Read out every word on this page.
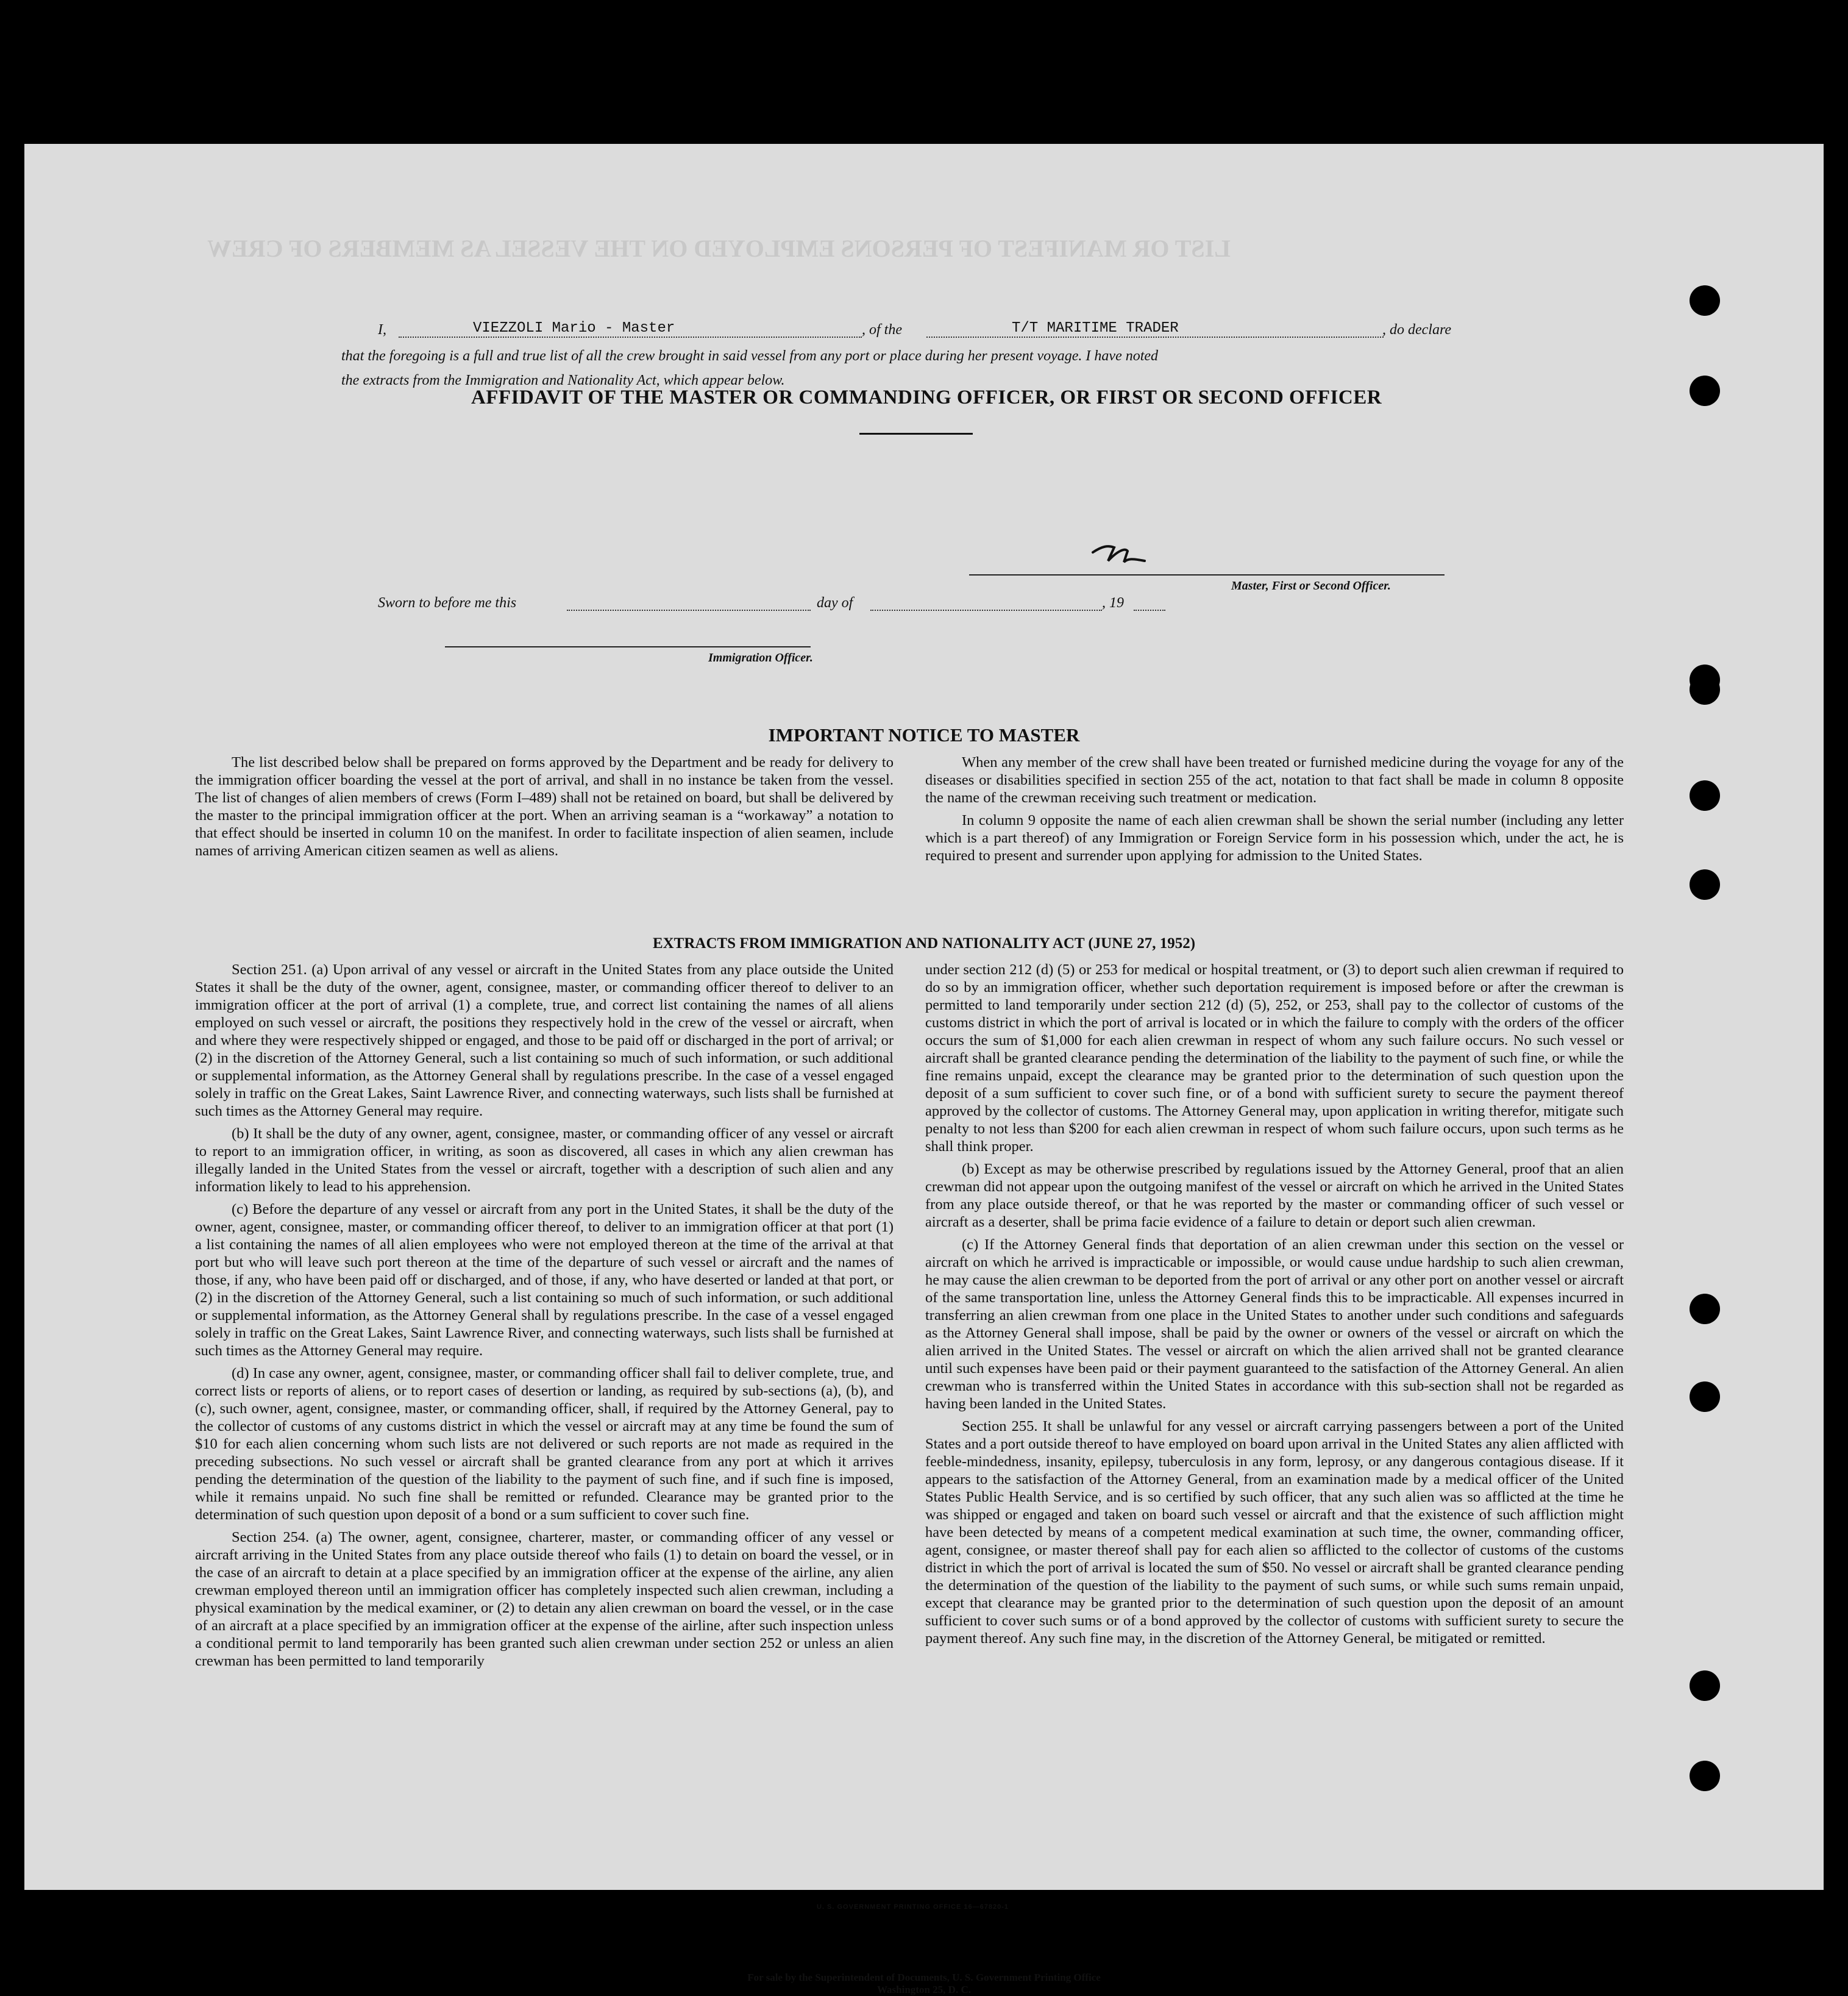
LIST OR MANIFEST OF PERSONS EMPLOYED ON THE VESSEL AS MEMBERS OF CREW
AFFIDAVIT OF THE MASTER OR COMMANDING OFFICER, OR FIRST OR SECOND OFFICER
I,	VIEZZOLI Mario - Master	, of the	T/T MARITIME TRADER	, do declare
that the foregoing is a full and true list of all the crew brought in said vessel from any port or place during her present voyage. I have noted
the extracts from the Immigration and Nationality Act, which appear below.
Master, First or Second Officer.
Sworn to before me this	day of	, 19
Immigration Officer.
IMPORTANT NOTICE TO MASTER

The list described below shall be prepared on forms approved by the Department and be ready for delivery to the immigration officer boarding the vessel at the port of arrival, and shall in no instance be taken from the vessel. The list of changes of alien members of crews (Form I–489) shall not be retained on board, but shall be delivered by the master to the principal immigration officer at the port. When an arriving seaman is a “workaway” a notation to that effect should be inserted in column 10 on the manifest. In order to facilitate inspection of alien seamen, include names of arriving American citizen seamen as well as aliens.

When any member of the crew shall have been treated or furnished medicine during the voyage for any of the diseases or disabilities specified in section 255 of the act, notation to that fact shall be made in column 8 opposite the name of the crewman receiving such treatment or medication.

In column 9 opposite the name of each alien crewman shall be shown the serial number (including any letter which is a part thereof) of any Immigration or Foreign Service form in his possession which, under the act, he is required to present and surrender upon applying for admission to the United States.

EXTRACTS FROM IMMIGRATION AND NATIONALITY ACT (JUNE 27, 1952)

Section 251. (a) Upon arrival of any vessel or aircraft in the United States from any place outside the United States it shall be the duty of the owner, agent, consignee, master, or commanding officer thereof to deliver to an immigration officer at the port of arrival (1) a complete, true, and correct list containing the names of all aliens employed on such vessel or aircraft, the positions they respectively hold in the crew of the vessel or aircraft, when and where they were respectively shipped or engaged, and those to be paid off or discharged in the port of arrival; or (2) in the discretion of the Attorney General, such a list containing so much of such information, or such additional or supplemental information, as the Attorney General shall by regulations prescribe. In the case of a vessel engaged solely in traffic on the Great Lakes, Saint Lawrence River, and connecting waterways, such lists shall be furnished at such times as the Attorney General may require.

(b) It shall be the duty of any owner, agent, consignee, master, or commanding officer of any vessel or aircraft to report to an immigration officer, in writing, as soon as discovered, all cases in which any alien crewman has illegally landed in the United States from the vessel or aircraft, together with a description of such alien and any information likely to lead to his apprehension.

(c) Before the departure of any vessel or aircraft from any port in the United States, it shall be the duty of the owner, agent, consignee, master, or commanding officer thereof, to deliver to an immigration officer at that port (1) a list containing the names of all alien employees who were not employed thereon at the time of the arrival at that port but who will leave such port thereon at the time of the departure of such vessel or aircraft and the names of those, if any, who have been paid off or discharged, and of those, if any, who have deserted or landed at that port, or (2) in the discretion of the Attorney General, such a list containing so much of such information, or such additional or supplemental information, as the Attorney General shall by regulations prescribe. In the case of a vessel engaged solely in traffic on the Great Lakes, Saint Lawrence River, and connecting waterways, such lists shall be furnished at such times as the Attorney General may require.

(d) In case any owner, agent, consignee, master, or commanding officer shall fail to deliver complete, true, and correct lists or reports of aliens, or to report cases of desertion or landing, as required by sub-sections (a), (b), and (c), such owner, agent, consignee, master, or commanding officer, shall, if required by the Attorney General, pay to the collector of customs of any customs district in which the vessel or aircraft may at any time be found the sum of $10 for each alien concerning whom such lists are not delivered or such reports are not made as required in the preceding subsections. No such vessel or aircraft shall be granted clearance from any port at which it arrives pending the determination of the question of the liability to the payment of such fine, and if such fine is imposed, while it remains unpaid. No such fine shall be remitted or refunded. Clearance may be granted prior to the determination of such question upon deposit of a bond or a sum sufficient to cover such fine.

Section 254. (a) The owner, agent, consignee, charterer, master, or commanding officer of any vessel or aircraft arriving in the United States from any place outside thereof who fails (1) to detain on board the vessel, or in the case of an aircraft to detain at a place specified by an immigration officer at the expense of the airline, any alien crewman employed thereon until an immigration officer has completely inspected such alien crewman, including a physical examination by the medical examiner, or (2) to detain any alien crewman on board the vessel, or in the case of an aircraft at a place specified by an immigration officer at the expense of the airline, after such inspection unless a conditional permit to land temporarily has been granted such alien crewman under section 252 or unless an alien crewman has been permitted to land temporarily

under section 212 (d) (5) or 253 for medical or hospital treatment, or (3) to deport such alien crewman if required to do so by an immigration officer, whether such deportation requirement is imposed before or after the crewman is permitted to land temporarily under section 212 (d) (5), 252, or 253, shall pay to the collector of customs of the customs district in which the port of arrival is located or in which the failure to comply with the orders of the officer occurs the sum of $1,000 for each alien crewman in respect of whom any such failure occurs. No such vessel or aircraft shall be granted clearance pending the determination of the liability to the payment of such fine, or while the fine remains unpaid, except the clearance may be granted prior to the determination of such question upon the deposit of a sum sufficient to cover such fine, or of a bond with sufficient surety to secure the payment thereof approved by the collector of customs. The Attorney General may, upon application in writing therefor, mitigate such penalty to not less than $200 for each alien crewman in respect of whom such failure occurs, upon such terms as he shall think proper.

(b) Except as may be otherwise prescribed by regulations issued by the Attorney General, proof that an alien crewman did not appear upon the outgoing manifest of the vessel or aircraft on which he arrived in the United States from any place outside thereof, or that he was reported by the master or commanding officer of such vessel or aircraft as a deserter, shall be prima facie evidence of a failure to detain or deport such alien crewman.

(c) If the Attorney General finds that deportation of an alien crewman under this section on the vessel or aircraft on which he arrived is impracticable or impossible, or would cause undue hardship to such alien crewman, he may cause the alien crewman to be deported from the port of arrival or any other port on another vessel or aircraft of the same transportation line, unless the Attorney General finds this to be impracticable. All expenses incurred in transferring an alien crewman from one place in the United States to another under such conditions and safeguards as the Attorney General shall impose, shall be paid by the owner or owners of the vessel or aircraft on which the alien arrived in the United States. The vessel or aircraft on which the alien arrived shall not be granted clearance until such expenses have been paid or their payment guaranteed to the satisfaction of the Attorney General. An alien crewman who is transferred within the United States in accordance with this sub-section shall not be regarded as having been landed in the United States.

Section 255. It shall be unlawful for any vessel or aircraft carrying passengers between a port of the United States and a port outside thereof to have employed on board upon arrival in the United States any alien afflicted with feeble-mindedness, insanity, epilepsy, tuberculosis in any form, leprosy, or any dangerous contagious disease. If it appears to the satisfaction of the Attorney General, from an examination made by a medical officer of the United States Public Health Service, and is so certified by such officer, that any such alien was so afflicted at the time he was shipped or engaged and taken on board such vessel or aircraft and that the existence of such affliction might have been detected by means of a competent medical examination at such time, the owner, commanding officer, agent, consignee, or master thereof shall pay for each alien so afflicted to the collector of customs of the customs district in which the port of arrival is located the sum of $50. No vessel or aircraft shall be granted clearance pending the determination of the question of the liability to the payment of such sums, or while such sums remain unpaid, except that clearance may be granted prior to the determination of such question upon the deposit of an amount sufficient to cover such sums or of a bond approved by the collector of customs with sufficient surety to secure the payment thereof. Any such fine may, in the discretion of the Attorney General, be mitigated or remitted.

U. S. GOVERNMENT PRINTING OFFICE 16—67820-1
For sale by the Superintendent of Documents, U. S. Government Printing Office
Washington 25, D. C.
